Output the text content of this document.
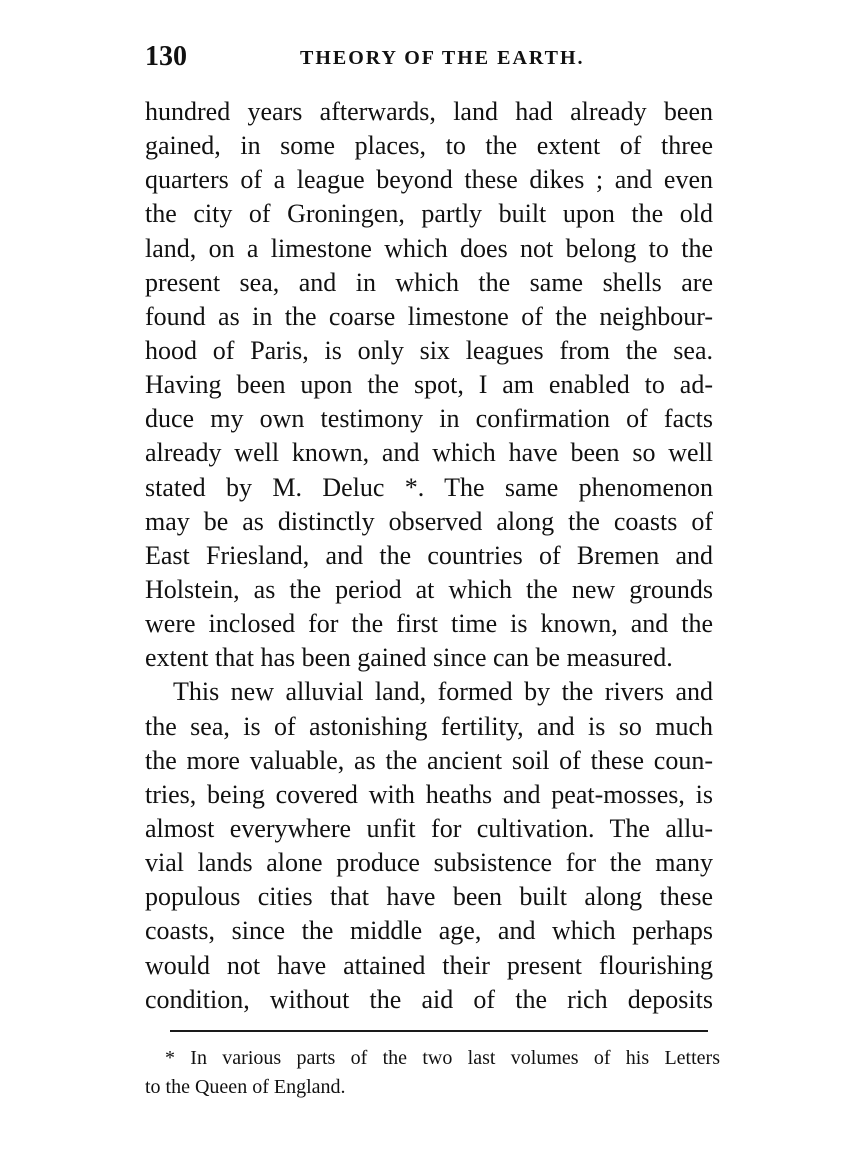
130	THEORY OF THE EARTH.
hundred years afterwards, land had already been
gained, in some places, to the extent of three
quarters of a league beyond these dikes ; and even
the city of Groningen, partly built upon the old
land, on a limestone which does not belong to the
present sea, and in which the same shells are
found as in the coarse limestone of the neighbour-
hood of Paris, is only six leagues from the sea.
Having been upon the spot, I am enabled to ad-
duce my own testimony in confirmation of facts
already well known, and which have been so well
stated by M. Deluc *. The same phenomenon
may be as distinctly observed along the coasts of
East Friesland, and the countries of Bremen and
Holstein, as the period at which the new grounds
were inclosed for the first time is known, and the
extent that has been gained since can be measured.
This new alluvial land, formed by the rivers and
the sea, is of astonishing fertility, and is so much
the more valuable, as the ancient soil of these coun-
tries, being covered with heaths and peat-mosses, is
almost everywhere unfit for cultivation. The allu-
vial lands alone produce subsistence for the many
populous cities that have been built along these
coasts, since the middle age, and which perhaps
would not have attained their present flourishing
condition, without the aid of the rich deposits
* In various parts of the two last volumes of his Letters
to the Queen of England.
